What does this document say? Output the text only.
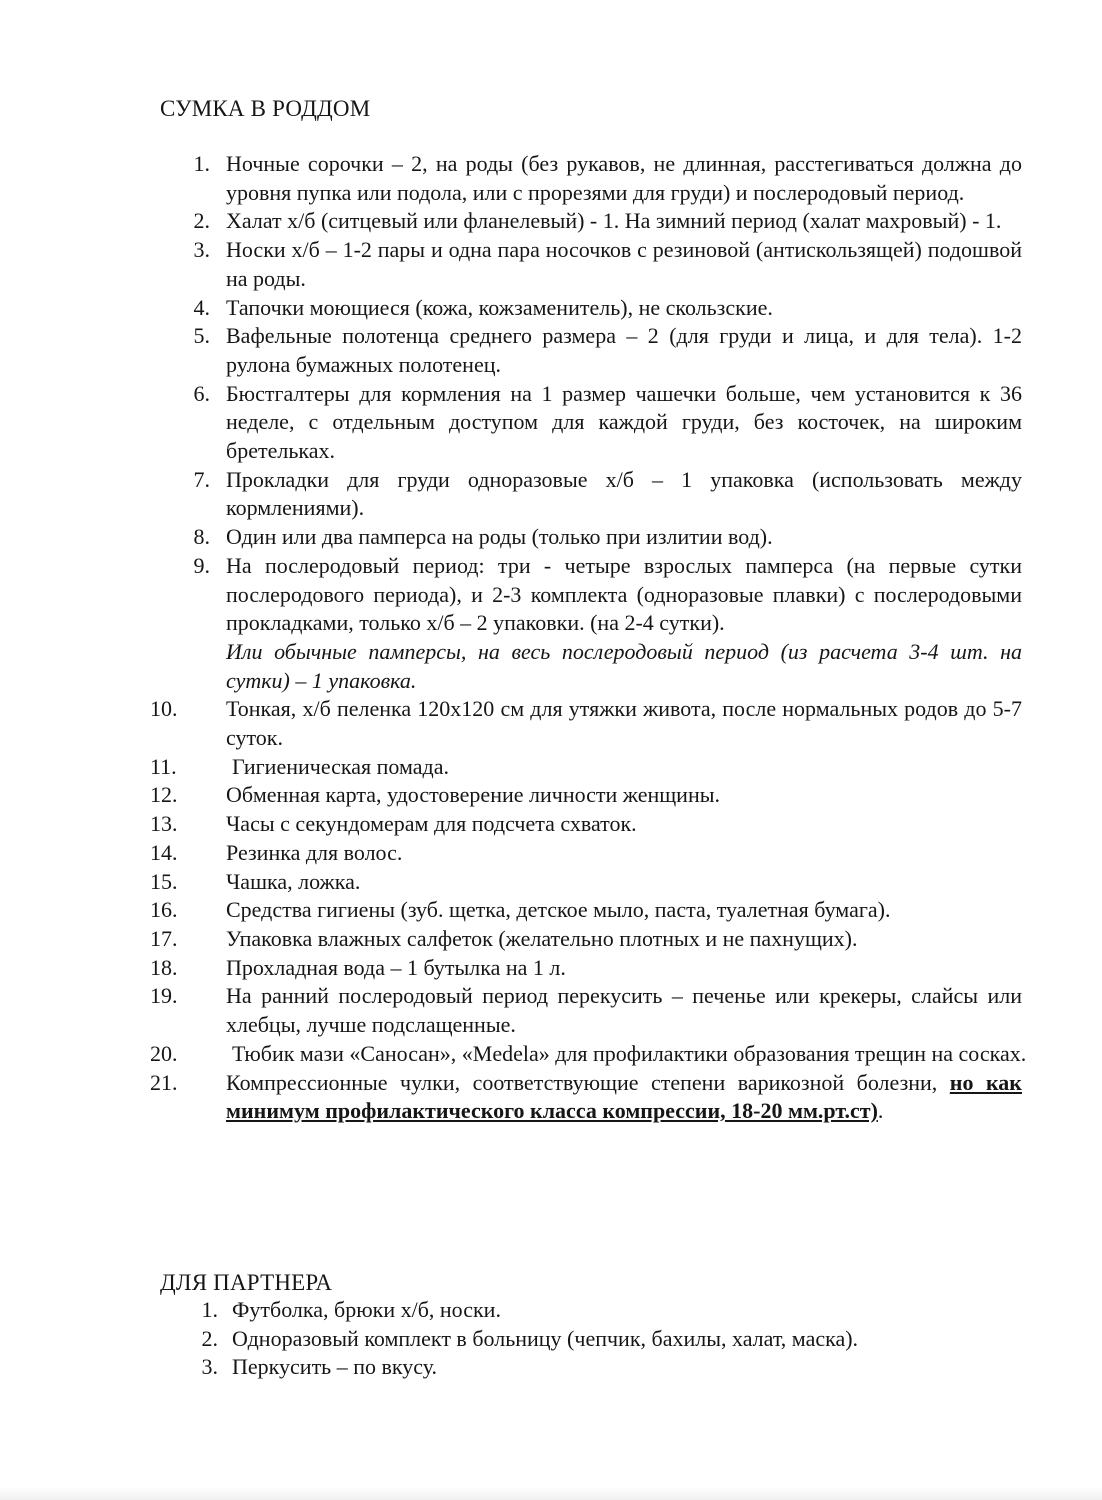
СУМКА В РОДДОМ
1. Ночные сорочки – 2, на роды (без рукавов, не длинная, расстегиваться должна до уровня пупка или подола, или с прорезями для груди) и послеродовый период.
2. Халат х/б (ситцевый или фланелевый) - 1. На зимний период (халат махровый) - 1.
3. Носки х/б – 1-2 пары и одна пара носочков с резиновой (антискользящей) подошвой на роды.
4. Тапочки моющиеся (кожа, кожзаменитель), не скользские.
5. Вафельные полотенца среднего размера – 2 (для груди и лица, и для тела). 1-2 рулона бумажных полотенец.
6. Бюстгалтеры для кормления на 1 размер чашечки больше, чем установится к 36 неделе, с отдельным доступом для каждой груди, без косточек, на широким бретельках.
7. Прокладки для груди одноразовые х/б – 1 упаковка (использовать между кормлениями).
8. Один или два памперса на роды (только при излитии вод).
9. На послеродовый период: три - четыре взрослых памперса (на первые сутки послеродового периода), и 2-3 комплекта (одноразовые плавки) с послеродовыми прокладками, только х/б – 2 упаковки. (на 2-4 сутки).
Или обычные памперсы, на весь послеродовый период (из расчета 3-4 шт. на сутки) – 1 упаковка.
10.	Тонкая, х/б пеленка 120х120 см для утяжки живота, после нормальных родов до 5-7 суток.
11.	Гигиеническая помада.
12.	Обменная карта, удостоверение личности женщины.
13.	Часы с секундомерам для подсчета схваток.
14.	Резинка для волос.
15.	Чашка, ложка.
16.	Средства гигиены (зуб. щетка, детское мыло, паста, туалетная бумага).
17.	Упаковка влажных салфеток (желательно плотных и не пахнущих).
18.	Прохладная вода – 1 бутылка на 1 л.
19.	На ранний послеродовый период перекусить – печенье или крекеры, слайсы или хлебцы, лучше подслащенные.
20.	Тюбик мази «Саносан», «Medela» для профилактики образования трещин на сосках.
21.	Компрессионные чулки, соответствующие степени варикозной болезни, но как минимум профилактического класса компрессии, 18-20 мм.рт.ст).
ДЛЯ ПАРТНЕРА
1. Футболка, брюки х/б, носки.
2. Одноразовый комплект в больницу (чепчик, бахилы, халат, маска).
3. Перкусить – по вкусу.
